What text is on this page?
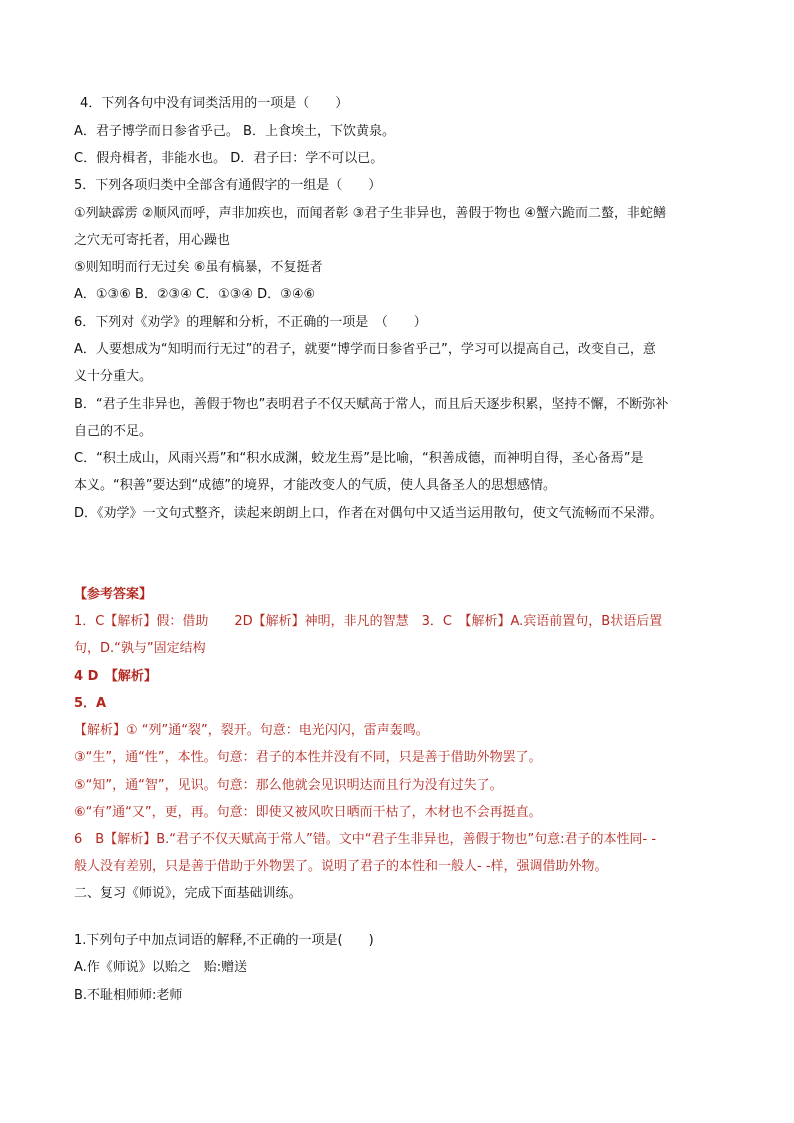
4．下列各句中没有词类活用的一项是（　　）
A．君子博学而日参省乎己。 B．上食埃土，下饮黄泉。
C．假舟楫者，非能水也。 D．君子曰：学不可以已。
5．下列各项归类中全部含有通假字的一组是（　　）
①列缺霹雳 ②顺风而呼，声非加疾也，而闻者彰 ③君子生非异也，善假于物也 ④蟹六跪而二螯，非蛇鳝
之穴无可寄托者，用心躁也
⑤则知明而行无过矣 ⑥虽有槁暴，不复挺者
A．①③⑥ B．②③④ C．①③④ D．③④⑥
6．下列对《劝学》的理解和分析，不正确的一项是　（　　）
A．人要想成为“知明而行无过”的君子，就要“博学而日参省乎己”，学习可以提高自己，改变自己，意
义十分重大。
B．“君子生非异也，善假于物也”表明君子不仅天赋高于常人，而且后天逐步积累，坚持不懈，不断弥补
自己的不足。
C．“积土成山，风雨兴焉”和“积水成渊，蛟龙生焉”是比喻，“积善成德，而神明自得，圣心备焉”是
本义。“积善”要达到“成德”的境界，才能改变人的气质，使人具备圣人的思想感情。
D．《劝学》一文句式整齐，读起来朗朗上口，作者在对偶句中又适当运用散句，使文气流畅而不呆滞。
【参考答案】
1．C【解析】假：借助　　2D【解析】神明，非凡的智慧　3．C　【解析】A.宾语前置句，B状语后置
句，D.“孰与”固定结构
4 D　【解析】
5．A
【解析】① “列”通“裂”，裂开。句意：电光闪闪，雷声轰鸣。
③“生”，通“性”，本性。句意：君子的本性并没有不同，只是善于借助外物罢了。
⑤“知”，通“智”，见识。句意：那么他就会见识明达而且行为没有过失了。
⑥“有”通“又”，更，再。句意：即使又被风吹日晒而干枯了，木材也不会再挺直。
6　B【解析】B.“君子不仅天赋高于常人”错。文中“君子生非异也，善假于物也”句意:君子的本性同- -
般人没有差别，只是善于借助于外物罢了。说明了君子的本性和一般人- -样，强调借助外物。
二、复习《师说》，完成下面基础训练。
1.下列句子中加点词语的解释,不正确的一项是(　　)
A.作《师说》以贻之　贻:赠送
B.不耻相师师:老师
